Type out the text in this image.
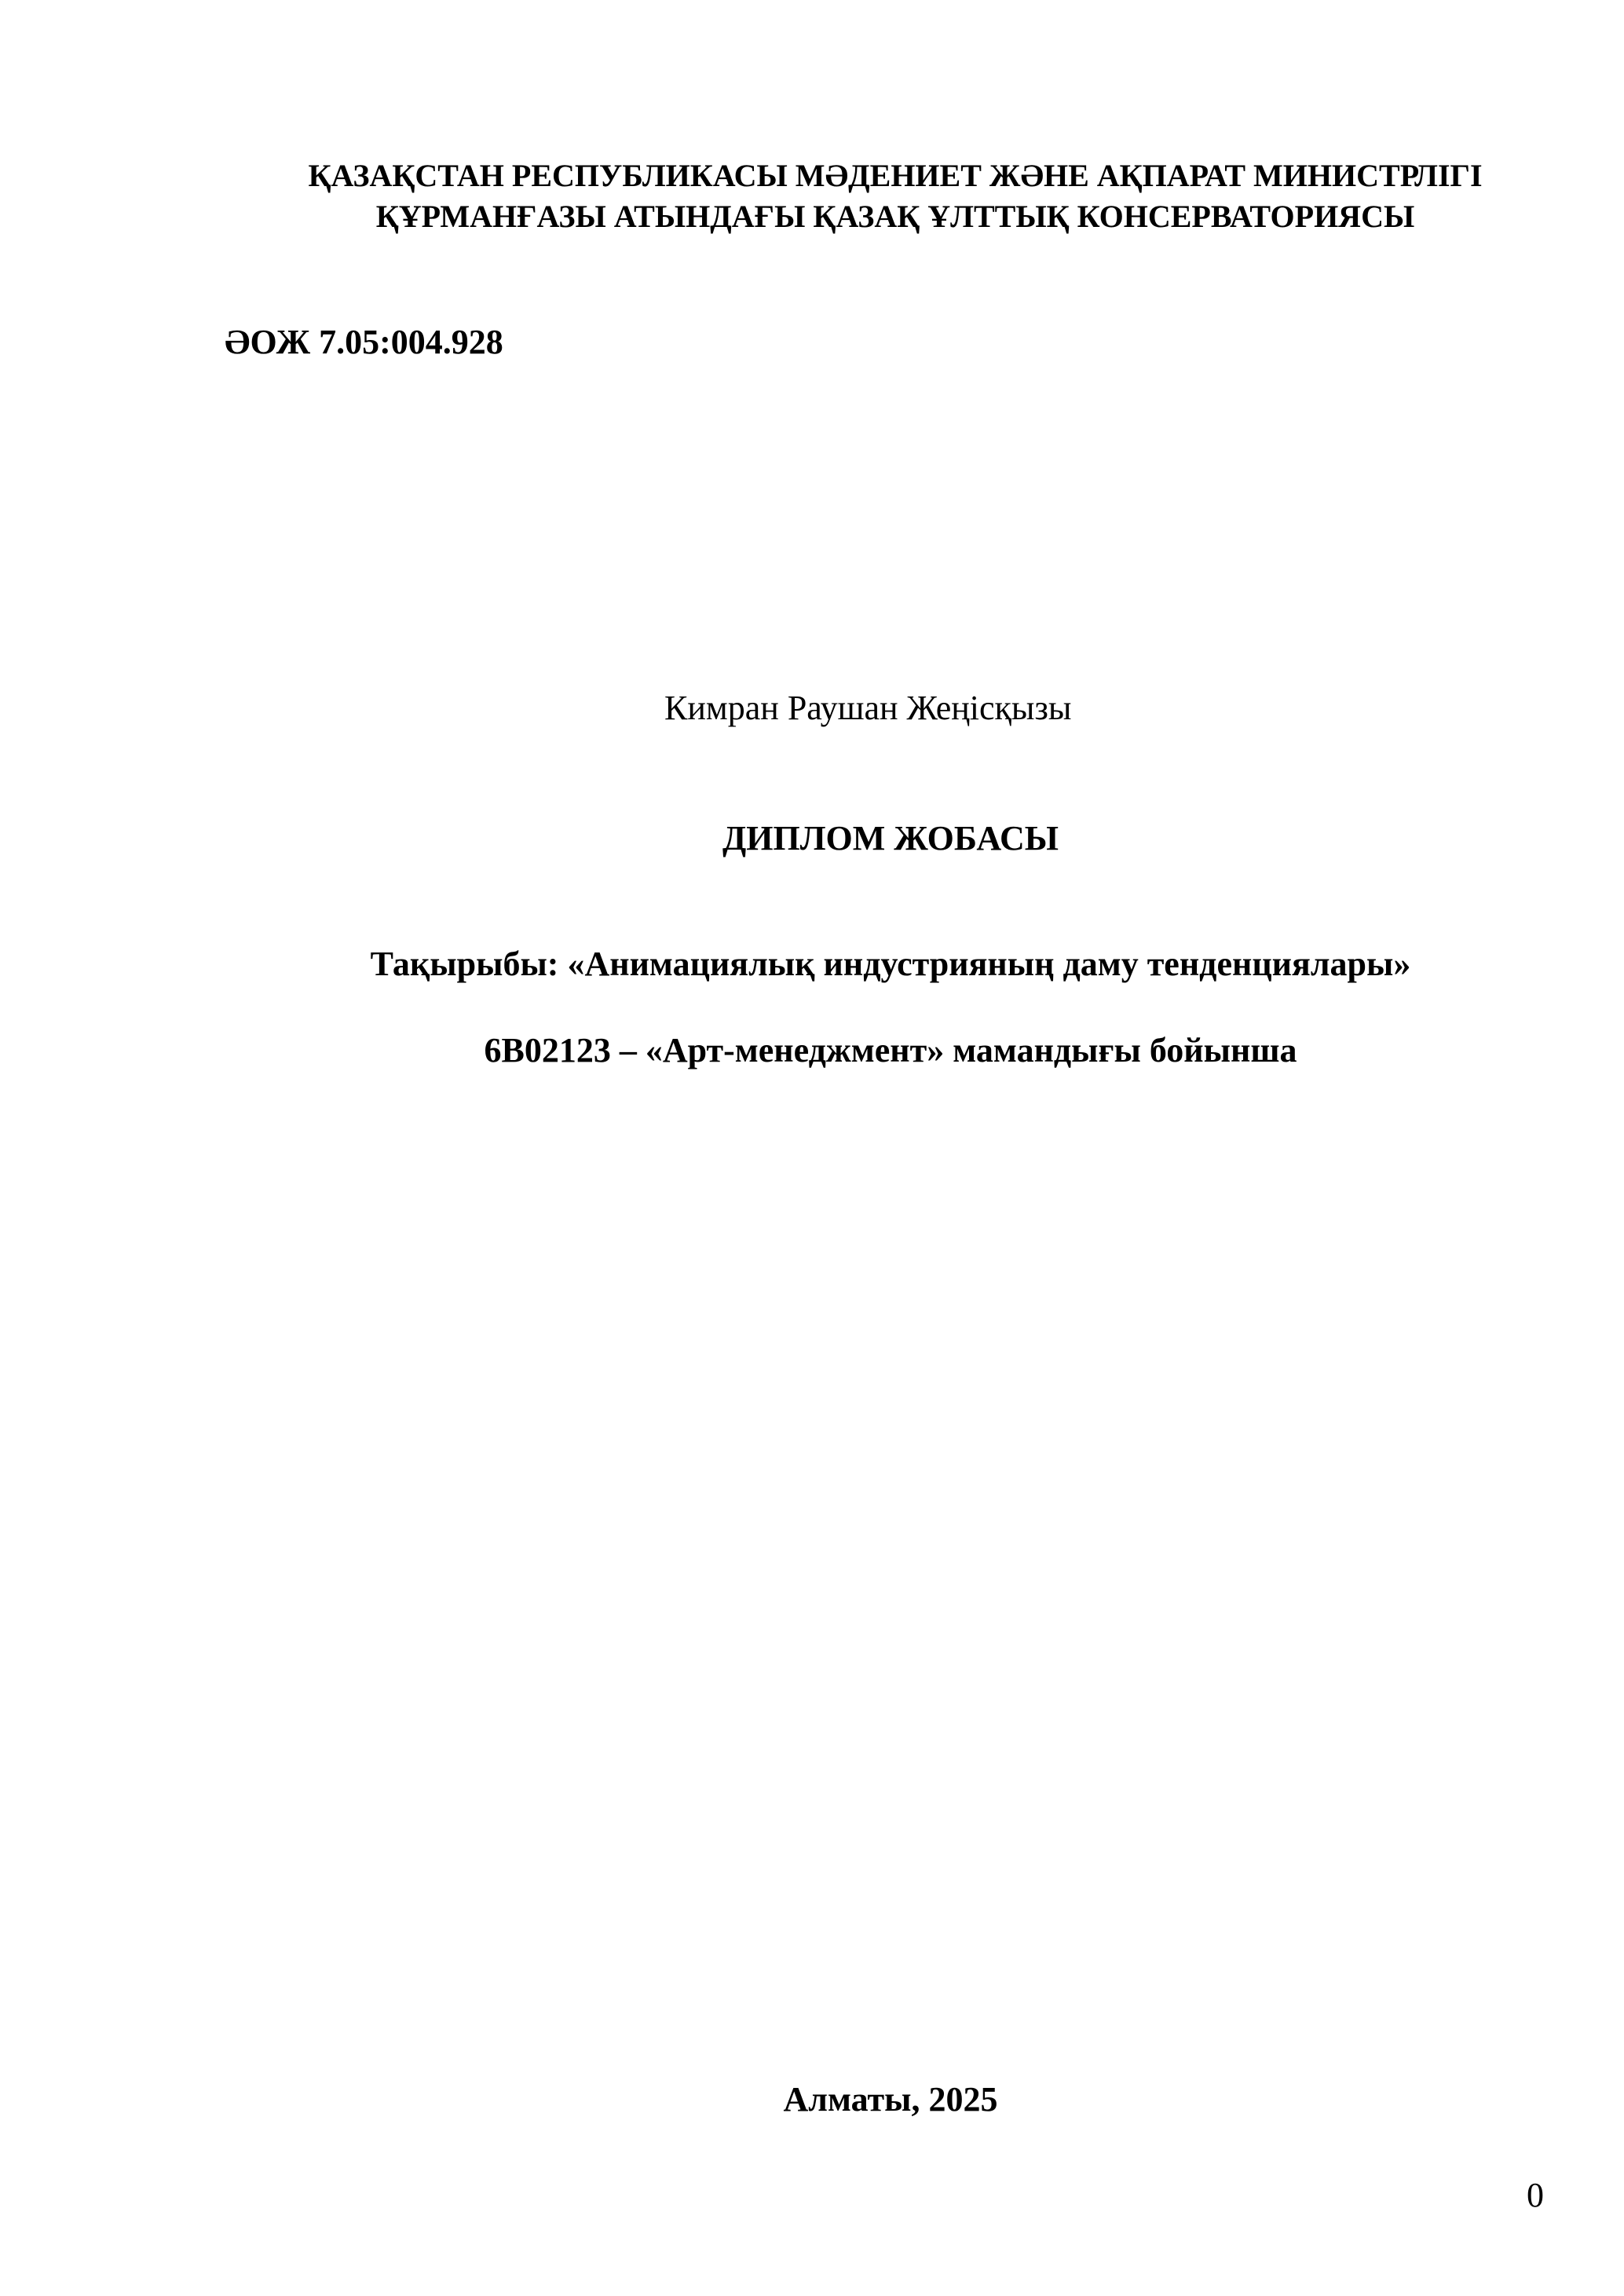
ҚАЗАҚСТАН РЕСПУБЛИКАСЫ МӘДЕНИЕТ ЖӘНЕ АҚПАРАТ МИНИСТРЛІГІ
ҚҰРМАНҒАЗЫ АТЫНДАҒЫ ҚАЗАҚ ҰЛТТЫҚ КОНСЕРВАТОРИЯСЫ
ӘОЖ 7.05:004.928
Кимран Раушан Жеңісқызы
ДИПЛОМ ЖОБАСЫ
Тақырыбы: «Анимациялық индустрияның даму тенденциялары»
6В02123 – «Арт-менеджмент» мамандығы бойынша
Алматы, 2025
0
